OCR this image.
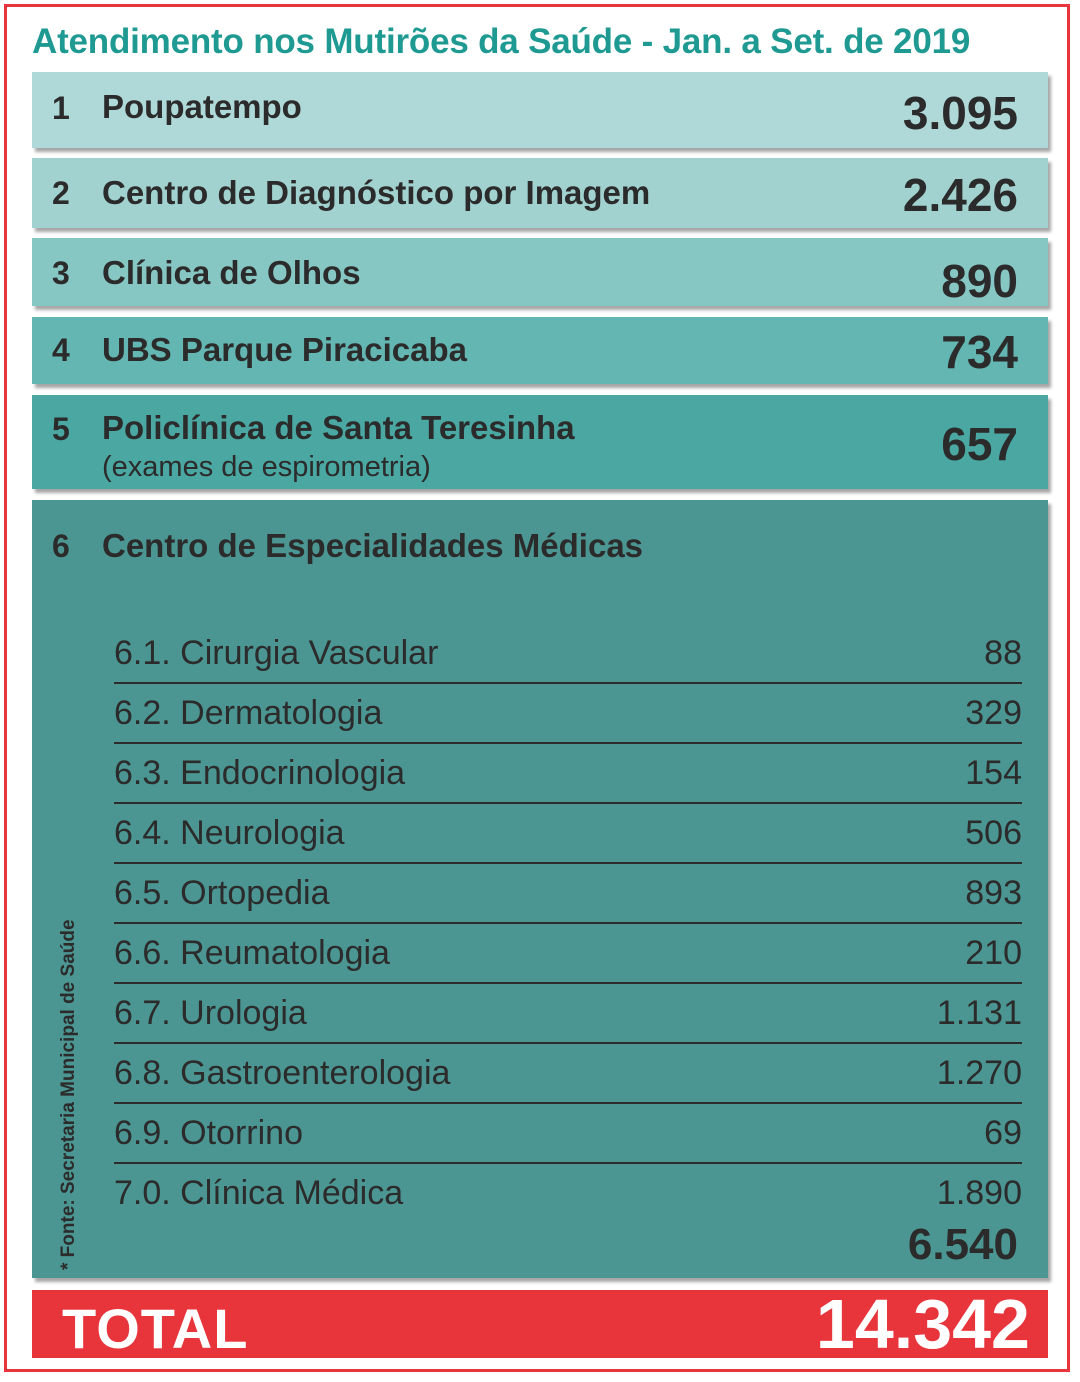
Atendimento nos Mutirões da Saúde - Jan. a Set. de 2019
1 Poupatempo	3.095
2 Centro de Diagnóstico por Imagem	2.426
3 Clínica de Olhos	890
4 UBS Parque Piracicaba	734
5 Policlínica de Santa Teresinha
(exames de espirometria)	657
6 Centro de Especialidades Médicas
6.1. Cirurgia Vascular	88
6.2. Dermatologia	329
6.3. Endocrinologia	154
6.4. Neurologia	506
6.5. Ortopedia	893
6.6. Reumatologia	210
6.7. Urologia	1.131
6.8. Gastroenterologia	1.270
6.9. Otorrino	69
7.0. Clínica Médica	1.890
6.540
* Fonte: Secretaria Municipal de Saúde
TOTAL	14.342
